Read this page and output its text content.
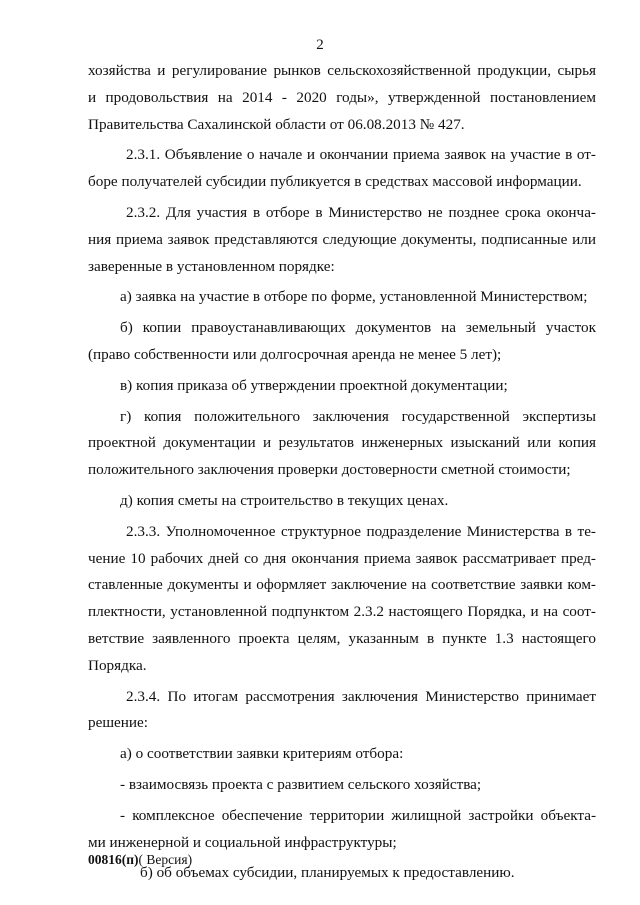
2
хозяйства и регулирование рынков сельскохозяйственной продукции, сырья
и продовольствия на 2014 - 2020 годы», утвержденной постановлением
Правительства Сахалинской области от 06.08.2013 № 427.
2.3.1. Объявление о начале и окончании приема заявок на участие в от-
боре получателей субсидии публикуется в средствах массовой информации.
2.3.2. Для участия в отборе в Министерство не позднее срока оконча-
ния приема заявок представляются следующие документы, подписанные или
заверенные в установленном порядке:
а) заявка на участие в отборе по форме, установленной Министерством;
б) копии правоустанавливающих документов на земельный участок
(право собственности или долгосрочная аренда не менее 5 лет);
в) копия приказа об утверждении проектной документации;
г) копия положительного заключения государственной экспертизы
проектной документации и результатов инженерных изысканий или копия
положительного заключения проверки достоверности сметной стоимости;
д) копия сметы на строительство в текущих ценах.
2.3.3. Уполномоченное структурное подразделение Министерства в те-
чение 10 рабочих дней со дня окончания приема заявок рассматривает пред-
ставленные документы и оформляет заключение на соответствие заявки ком-
плектности, установленной подпунктом 2.3.2 настоящего Порядка, и на соот-
ветствие заявленного проекта целям, указанным в пункте 1.3 настоящего
Порядка.
2.3.4. По итогам рассмотрения заключения Министерство принимает
решение:
а) о соответствии заявки критериям отбора:
- взаимосвязь проекта с развитием сельского хозяйства;
- комплексное обеспечение территории жилищной застройки объекта-
ми инженерной и социальной инфраструктуры;
б) об объемах субсидии, планируемых к предоставлению.
00816(п)( Версия)
